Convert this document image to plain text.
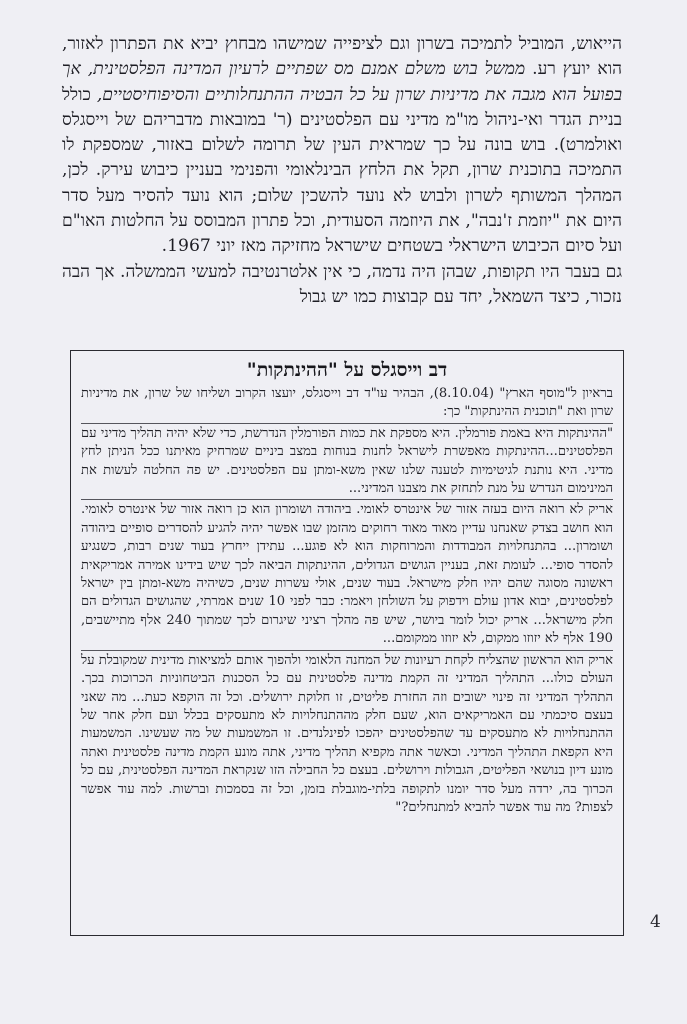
הייאוש, המוביל לתמיכה בשרון וגם לציפייה שמישהו מבחוץ יביא את הפתרון לאזור, הוא יועץ רע. ממשל בוש משלם אמנם מס שפתיים לרעיון המדינה הפלסטינית, אך בפועל הוא מגבה את מדיניות שרון על כל הבטיה ההתנחלותיים והסיפוחיסטיים, כולל בניית הגדר ואי-ניהול מו"מ מדיני עם הפלסטינים (ר' במובאות מדבריהם של וייסגלס ואולמרט). בוש בונה על כך שמראית העין של תרומה לשלום באזור, שמספקת לו התמיכה בתוכנית שרון, תקל את הלחץ הבינלאומי והפנימי בעניין כיבוש עירק. לכן, המהלך המשותף לשרון ולבוש לא נועד להשכין שלום; הוא נועד להסיר מעל סדר היום את "יוזמת ז'נבה", את היוזמה הסעודית, וכל פתרון המבוסס על החלטות האו"ם ועל סיום הכיבוש הישראלי בשטחים שישראל מחזיקה מאז יוני 1967.

גם בעבר היו תקופות, שבהן היה נדמה, כי אין אלטרנטיבה למעשי הממשלה. אך הבה נזכור, כיצד השמאל, יחד עם קבוצות כמו יש גבול

דב וייסגלס על "ההינתקות"

בראיון ל"מוסף הארץ" (8.10.04), הבהיר עו"ד דב וייסגלס, יועצו הקרוב ושליחו של שרון, את מדיניות שרון ואת "תוכנית ההינתקות" כך:

"ההינתקות היא באמת פורמלין. היא מספקת את כמות הפורמלין הנדרשת, כדי שלא יהיה תהליך מדיני עם הפלסטינים...ההינתקות מאפשרת לישראל לחנות בנוחות במצב ביניים שמרחיק מאיתנו ככל הניתן לחץ מדיני. היא נותנת לגיטימיות לטענה שלנו שאין משא-ומתן עם הפלסטינים. יש פה החלטה לעשות את המינימום הנדרש על מנת לתחזק את מצבנו המדיני...

אריק לא רואה היום בעזה אזור של אינטרס לאומי. ביהודה ושומרון הוא כן רואה אזור של אינטרס לאומי. הוא חושב בצדק שאנחנו עדיין מאוד מאוד רחוקים מהזמן שבו אפשר יהיה להגיע להסדרים סופיים ביהודה ושומרון... בהתנחלויות המבודדות והמרוחקות הוא לא פוגע... עתידן ייחרץ בעוד שנים רבות, כשנגיע להסדר סופי... לעומת זאת, בעניין הגושים הגדולים, ההינתקות הביאה לכך שיש בידינו אמירה אמריקאית ראשונה מסוגה שהם יהיו חלק מישראל. בעוד שנים, אולי עשרות שנים, כשיהיה משא-ומתן בין ישראל לפלסטינים, יבוא אדון עולם וידפוק על השולחן ויאמר: כבר לפני 10 שנים אמרתי, שהגושים הגדולים הם חלק מישראל... אריק יכול לומר ביושר, שיש פה מהלך רציני שיגרום לכך שמתוך 240 אלף מתיישבים, 190 אלף לא יזוזו ממקום, לא יזוזו ממקומם...

אריק הוא הראשון שהצליח לקחת רעיונות של המחנה הלאומי ולהפוך אותם למציאות מדינית שמקובלת על העולם כולו... התהליך המדיני זה הקמת מדינה פלסטינית עם כל הסכנות הביטחוניות הכרוכות בכך. התהליך המדיני זה פינוי ישובים וזה החזרת פליטים, זו חלוקת ירושלים. וכל זה הוקפא כעת... מה שאני בעצם סיכמתי עם האמריקאים הוא, שעם חלק מההתנחלויות לא מתעסקים בכלל ועם חלק אחר של ההתנחלויות לא מתעסקים עד שהפלסטינים יהפכו לפינלנדים. זו המשמעות של מה שעשינו. המשמעות היא הקפאת התהליך המדיני. וכאשר אתה מקפיא תהליך מדיני, אתה מונע הקמת מדינה פלסטינית ואתה מונע דיון בנושאי הפליטים, הגבולות וירושלים. בעצם כל החבילה הזו שנקראת המדינה הפלסטינית, עם כל הכרוך בה, ירדה מעל סדר יומנו לתקופה בלתי-מוגבלת בזמן, וכל זה בסמכות וברשות. למה עוד אפשר לצפות? מה עוד אפשר להביא למתנחלים?"

4
